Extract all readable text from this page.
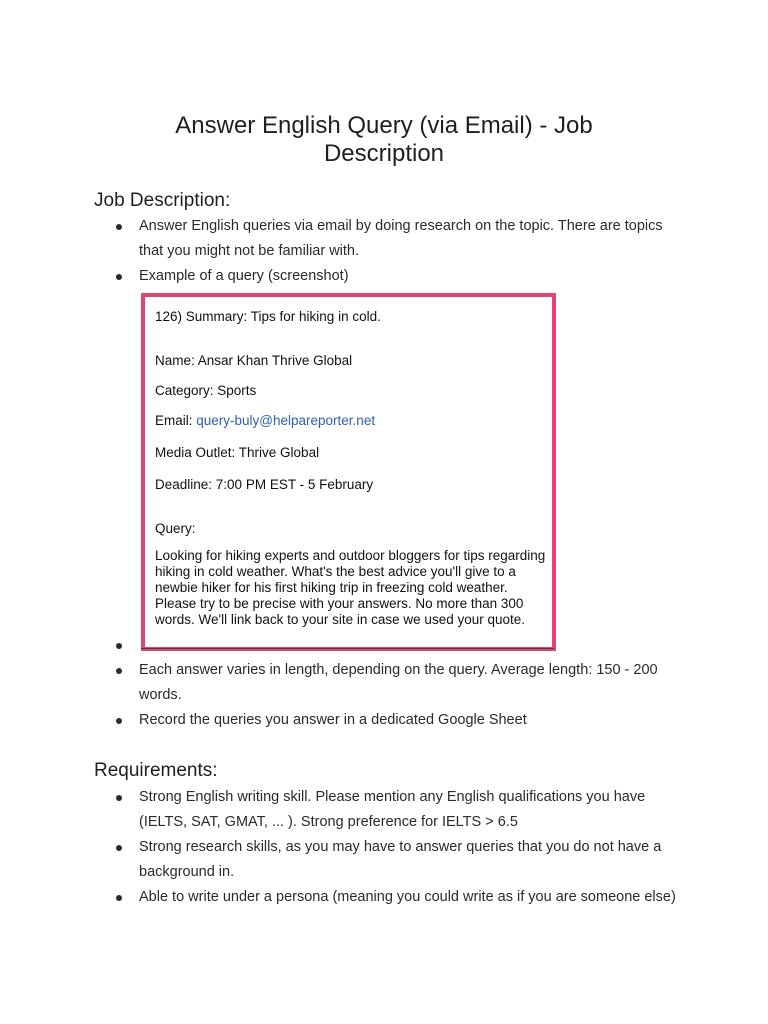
Answer English Query (via Email) - Job
Description
Job Description:
Answer English queries via email by doing research on the topic. There are topics that you might not be familiar with.
Example of a query (screenshot)
126) Summary: Tips for hiking in cold.
Name: Ansar Khan Thrive Global
Category: Sports
Email: query-buly@helpareporter.net
Media Outlet: Thrive Global
Deadline: 7:00 PM EST - 5 February
Query:
Looking for hiking experts and outdoor bloggers for tips regarding hiking in cold weather. What's the best advice you'll give to a newbie hiker for his first hiking trip in freezing cold weather. Please try to be precise with your answers. No more than 300 words. We'll link back to your site in case we used your quote.
Each answer varies in length, depending on the query. Average length: 150 - 200 words.
Record the queries you answer in a dedicated Google Sheet
Requirements:
Strong English writing skill. Please mention any English qualifications you have (IELTS, SAT, GMAT, ... ). Strong preference for IELTS > 6.5
Strong research skills, as you may have to answer queries that you do not have a background in.
Able to write under a persona (meaning you could write as if you are someone else)
